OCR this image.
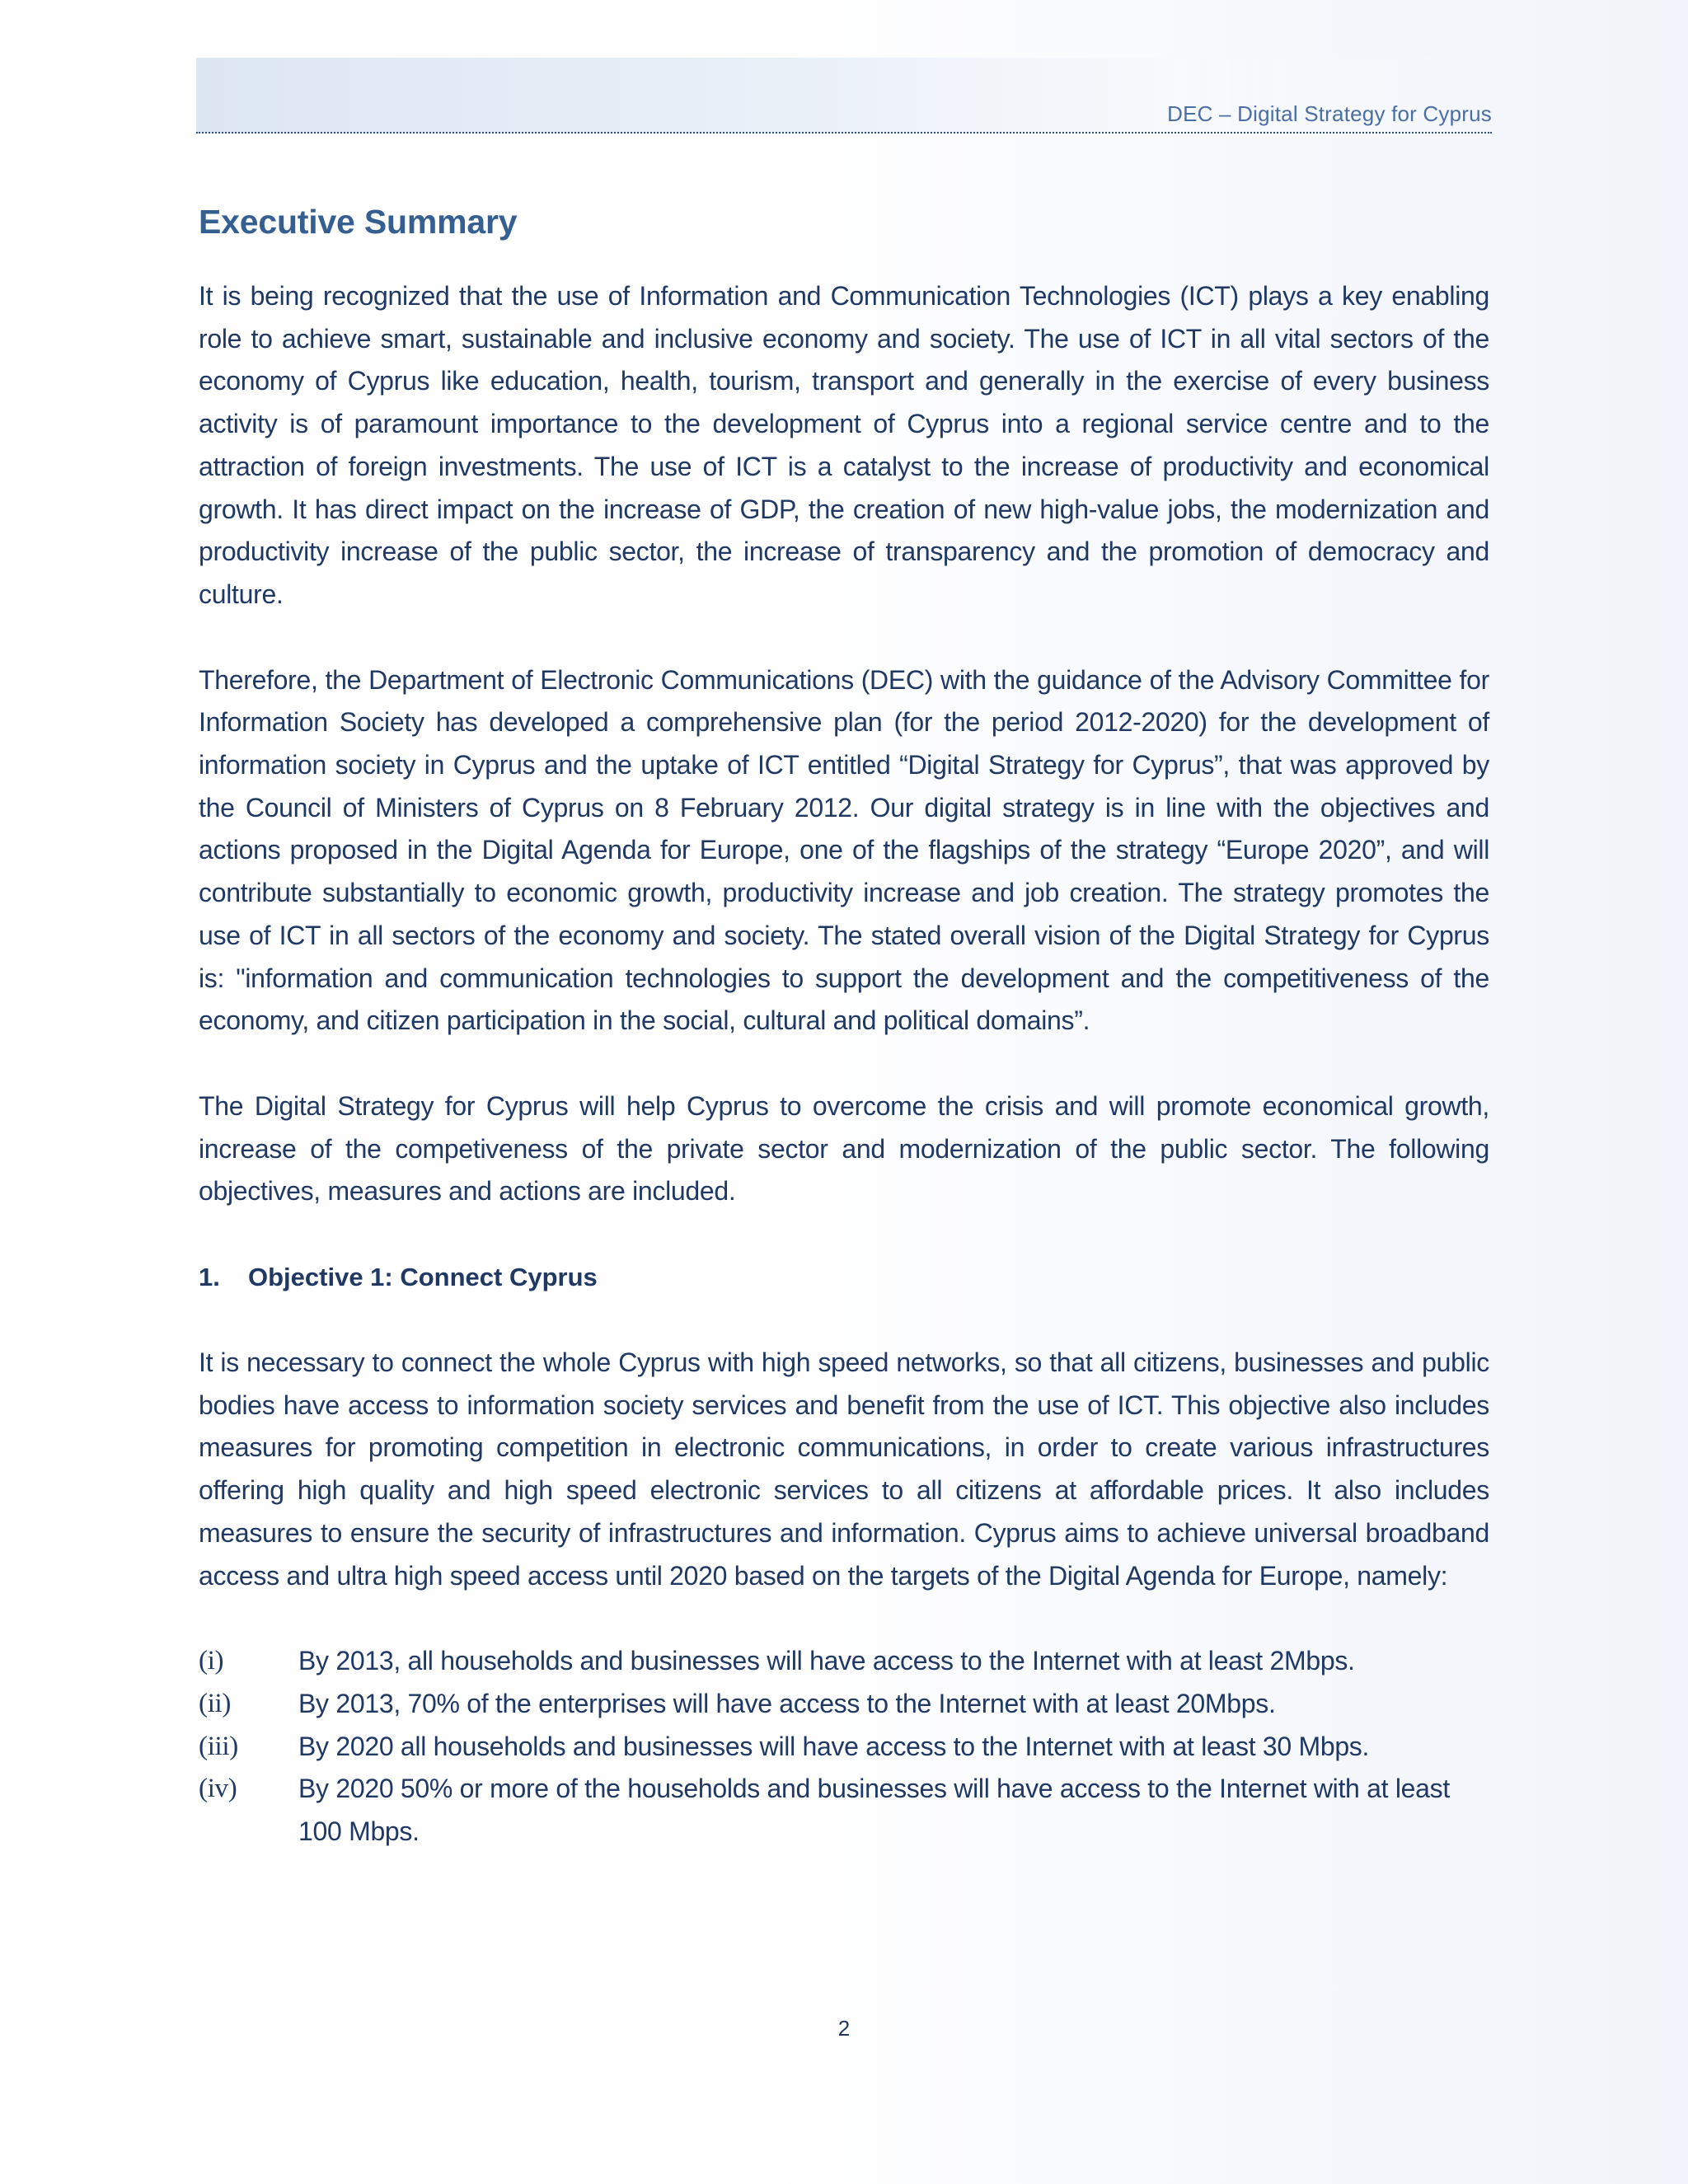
DEC – Digital Strategy for Cyprus
Executive Summary

It is being recognized that the use of Information and Communication Technologies (ICT) plays a key enabling role to achieve smart, sustainable and inclusive economy and society. The use of ICT in all vital sectors of the economy of Cyprus like education, health, tourism, transport and generally in the exercise of every business activity is of paramount importance to the development of Cyprus into a regional service centre and to the attraction of foreign investments. The use of ICT is a catalyst to the increase of productivity and economical growth. It has direct impact on the increase of GDP, the creation of new high-value jobs, the modernization and productivity increase of the public sector, the increase of transparency and the promotion of democracy and culture.

Therefore, the Department of Electronic Communications (DEC) with the guidance of the Advisory Committee for Information Society has developed a comprehensive plan (for the period 2012-2020) for the development of information society in Cyprus and the uptake of ICT entitled “Digital Strategy for Cyprus”, that was approved by the Council of Ministers of Cyprus on 8 February 2012. Our digital strategy is in line with the objectives and actions proposed in the Digital Agenda for Europe, one of the flagships of the strategy “Europe 2020”, and will contribute substantially to economic growth, productivity increase and job creation. The strategy promotes the use of ICT in all sectors of the economy and society. The stated overall vision of the Digital Strategy for Cyprus is: "information and communication technologies to support the development and the competitiveness of the economy, and citizen participation in the social, cultural and political domains”.

The Digital Strategy for Cyprus will help Cyprus to overcome the crisis and will promote economical growth, increase of the competiveness of the private sector and modernization of the public sector. The following objectives, measures and actions are included.

1.	Objective 1: Connect Cyprus

It is necessary to connect the whole Cyprus with high speed networks, so that all citizens, businesses and public bodies have access to information society services and benefit from the use of ICT. This objective also includes measures for promoting competition in electronic communications, in order to create various infrastructures offering high quality and high speed electronic services to all citizens at affordable prices. It also includes measures to ensure the security of infrastructures and information. Cyprus aims to achieve universal broadband access and ultra high speed access until 2020 based on the targets of the Digital Agenda for Europe, namely:

(i)	By 2013, all households and businesses will have access to the Internet with at least 2Mbps.
(ii)	By 2013, 70% of the enterprises will have access to the Internet with at least 20Mbps.
(iii)	By 2020 all households and businesses will have access to the Internet with at least 30 Mbps.
(iv)	By 2020 50% or more of the households and businesses will have access to the Internet with at least 100 Mbps.
2
